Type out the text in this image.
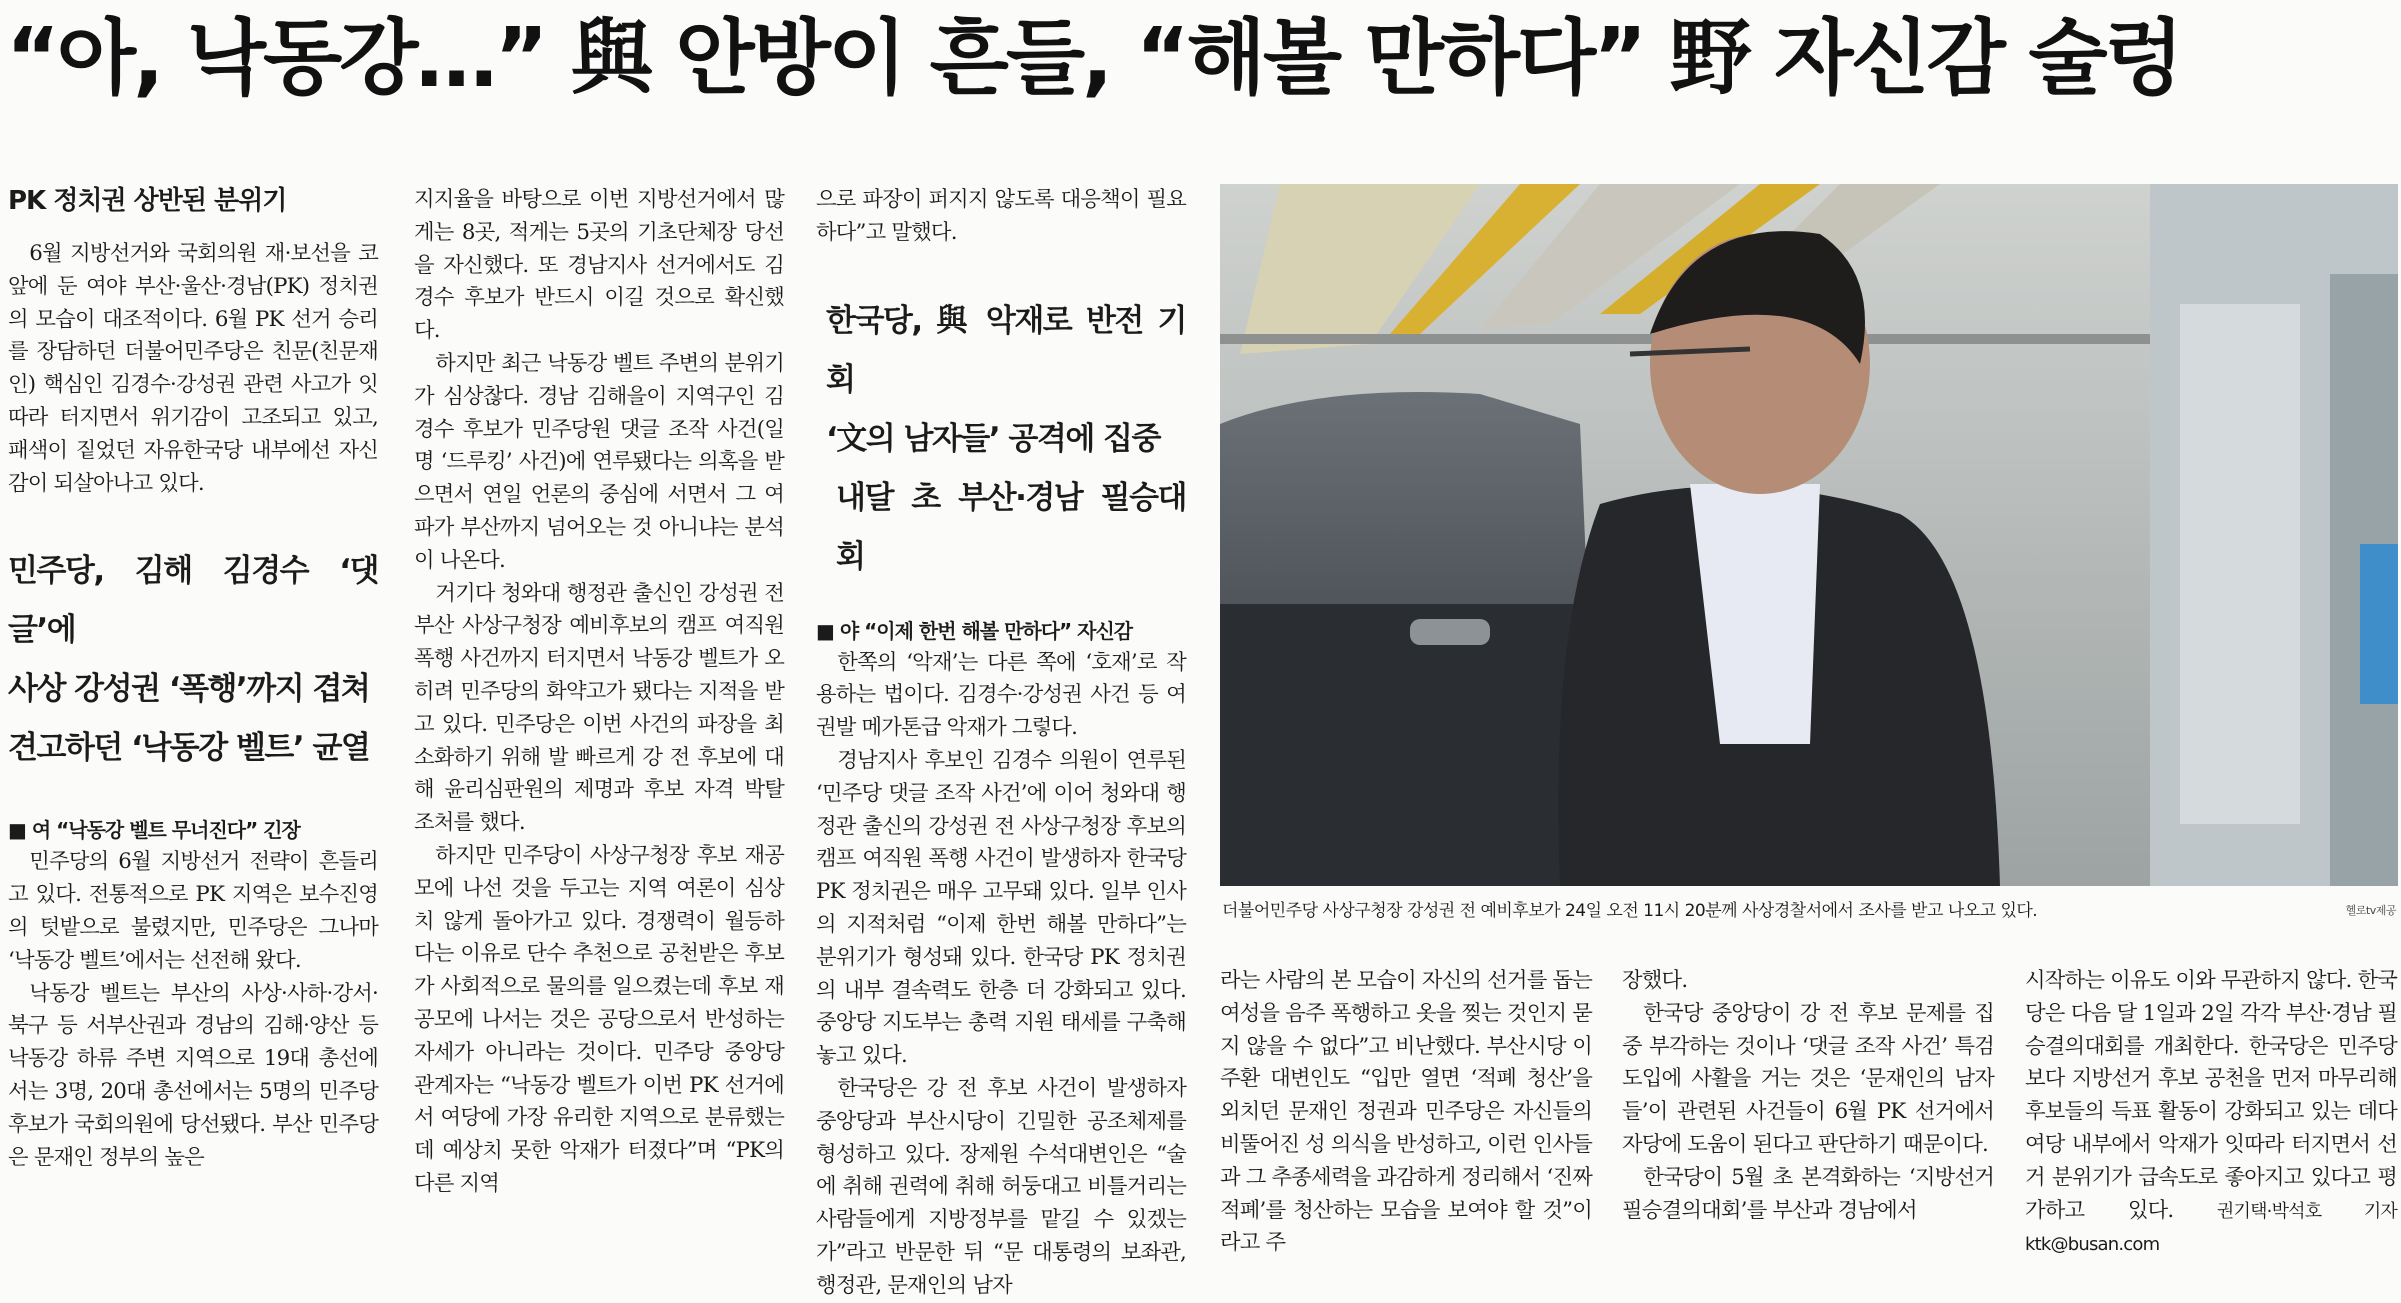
“아, 낙동강…” 與 안방이 흔들, “해볼 만하다” 野 자신감 술렁
PK 정치권 상반된 분위기

6월 지방선거와 국회의원 재·보선을 코앞에 둔 여야 부산·울산·경남(PK) 정치권의 모습이 대조적이다. 6월 PK 선거 승리를 장담하던 더불어민주당은 친문(친문재인) 핵심인 김경수·강성권 관련 사고가 잇따라 터지면서 위기감이 고조되고 있고, 패색이 짙었던 자유한국당 내부에선 자신감이 되살아나고 있다.

민주당, 김해 김경수 ‘댓글’에
사상 강성권 ‘폭행’까지 겹쳐
견고하던 ‘낙동강 벨트’ 균열
■ 여 “낙동강 벨트 무너진다” 긴장

민주당의 6월 지방선거 전략이 흔들리고 있다. 전통적으로 PK 지역은 보수진영의 텃밭으로 불렸지만, 민주당은 그나마 ‘낙동강 벨트’에서는 선전해 왔다.

낙동강 벨트는 부산의 사상·사하·강서·북구 등 서부산권과 경남의 김해·양산 등 낙동강 하류 주변 지역으로 19대 총선에서는 3명, 20대 총선에서는 5명의 민주당 후보가 국회의원에 당선됐다. 부산 민주당은 문재인 정부의 높은

지지율을 바탕으로 이번 지방선거에서 많게는 8곳, 적게는 5곳의 기초단체장 당선을 자신했다. 또 경남지사 선거에서도 김경수 후보가 반드시 이길 것으로 확신했다.

하지만 최근 낙동강 벨트 주변의 분위기가 심상찮다. 경남 김해을이 지역구인 김경수 후보가 민주당원 댓글 조작 사건(일명 ‘드루킹’ 사건)에 연루됐다는 의혹을 받으면서 연일 언론의 중심에 서면서 그 여파가 부산까지 넘어오는 것 아니냐는 분석이 나온다.

거기다 청와대 행정관 출신인 강성권 전 부산 사상구청장 예비후보의 캠프 여직원 폭행 사건까지 터지면서 낙동강 벨트가 오히려 민주당의 화약고가 됐다는 지적을 받고 있다. 민주당은 이번 사건의 파장을 최소화하기 위해 발 빠르게 강 전 후보에 대해 윤리심판원의 제명과 후보 자격 박탈 조처를 했다.

하지만 민주당이 사상구청장 후보 재공모에 나선 것을 두고는 지역 여론이 심상치 않게 돌아가고 있다. 경쟁력이 월등하다는 이유로 단수 추천으로 공천받은 후보가 사회적으로 물의를 일으켰는데 후보 재공모에 나서는 것은 공당으로서 반성하는 자세가 아니라는 것이다. 민주당 중앙당 관계자는 “낙동강 벨트가 이번 PK 선거에서 여당에 가장 유리한 지역으로 분류했는데 예상치 못한 악재가 터졌다”며 “PK의 다른 지역

으로 파장이 퍼지지 않도록 대응책이 필요하다”고 말했다.

한국당, 與 악재로 반전 기회
‘文의 남자들’ 공격에 집중
내달 초 부산·경남 필승대회
■ 야 “이제 한번 해볼 만하다” 자신감

한쪽의 ‘악재’는 다른 쪽에 ‘호재’로 작용하는 법이다. 김경수·강성권 사건 등 여권발 메가톤급 악재가 그렇다.

경남지사 후보인 김경수 의원이 연루된 ‘민주당 댓글 조작 사건’에 이어 청와대 행정관 출신의 강성권 전 사상구청장 후보의 캠프 여직원 폭행 사건이 발생하자 한국당 PK 정치권은 매우 고무돼 있다. 일부 인사의 지적처럼 “이제 한번 해볼 만하다”는 분위기가 형성돼 있다. 한국당 PK 정치권의 내부 결속력도 한층 더 강화되고 있다. 중앙당 지도부는 총력 지원 태세를 구축해 놓고 있다.

한국당은 강 전 후보 사건이 발생하자 중앙당과 부산시당이 긴밀한 공조체제를 형성하고 있다. 장제원 수석대변인은 “술에 취해 권력에 취해 허둥대고 비틀거리는 사람들에게 지방정부를 맡길 수 있겠는가”라고 반문한 뒤 “문 대통령의 보좌관, 행정관, 문재인의 남자

더불어민주당 사상구청장 강성권 전 예비후보가 24일 오전 11시 20분께 사상경찰서에서 조사를 받고 나오고 있다.	헬로tv제공

라는 사람의 본 모습이 자신의 선거를 돕는 여성을 음주 폭행하고 옷을 찢는 것인지 묻지 않을 수 없다”고 비난했다. 부산시당 이주환 대변인도 “입만 열면 ‘적폐 청산’을 외치던 문재인 정권과 민주당은 자신들의 비뚤어진 성 의식을 반성하고, 이런 인사들과 그 추종세력을 과감하게 정리해서 ‘진짜 적폐’를 청산하는 모습을 보여야 할 것”이라고 주

장했다.

한국당 중앙당이 강 전 후보 문제를 집중 부각하는 것이나 ‘댓글 조작 사건’ 특검 도입에 사활을 거는 것은 ‘문재인의 남자들’이 관련된 사건들이 6월 PK 선거에서 자당에 도움이 된다고 판단하기 때문이다.

한국당이 5월 초 본격화하는 ‘지방선거 필승결의대회’를 부산과 경남에서

시작하는 이유도 이와 무관하지 않다. 한국당은 다음 달 1일과 2일 각각 부산·경남 필승결의대회를 개최한다. 한국당은 민주당보다 지방선거 후보 공천을 먼저 마무리해 후보들의 득표 활동이 강화되고 있는 데다 여당 내부에서 악재가 잇따라 터지면서 선거 분위기가 급속도로 좋아지고 있다고 평가하고 있다. 권기택·박석호 기자 ktk@busan.com
